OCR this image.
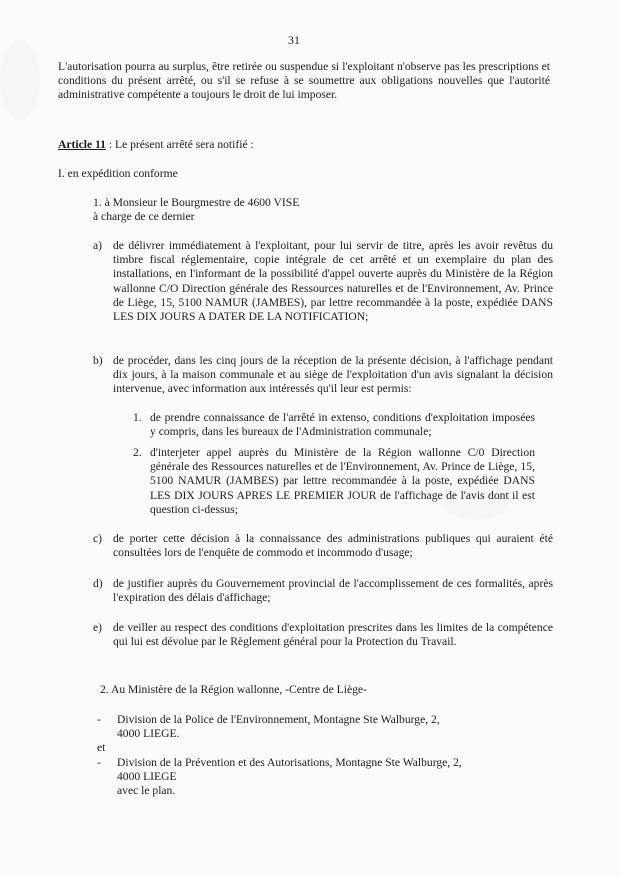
31
L'autorisation pourra au surplus, être retirée ou suspendue si l'exploitant n'observe pas les prescriptions et conditions du présent arrêté, ou s'il se refuse à se soumettre aux obligations nouvelles que l'autorité administrative compétente a toujours le droit de lui imposer.
Article 11 : Le présent arrêté sera notifié :
I. en expédition conforme
1. à Monsieur le Bourgmestre de 4600 VISE
à charge de ce dernier
a) de délivrer immédiatement à l'exploitant, pour lui servir de titre, après les avoir revêtus du timbre fiscal réglementaire, copie intégrale de cet arrêté et un exemplaire du plan des installations, en l'informant de la possibilité d'appel ouverte auprès du Ministère de la Région wallonne C/O Direction générale des Ressources naturelles et de l'Environnement, Av. Prince de Liège, 15, 5100 NAMUR (JAMBES), par lettre recommandée à la poste, expédiée DANS LES DIX JOURS A DATER DE LA NOTIFICATION;
b) de procéder, dans les cinq jours de la réception de la présente décision, à l'affichage pendant dix jours, à la maison communale et au siège de l'exploitation d'un avis signalant la décision intervenue, avec information aux intéressés qu'il leur est permis:
1. de prendre connaissance de l'arrêté in extenso, conditions d'exploitation imposées y compris, dans les bureaux de l'Administration communale;
2. d'interjeter appel auprès du Ministère de la Région wallonne C/0 Direction générale des Ressources naturelles et de l'Environnement, Av. Prince de Liège, 15, 5100 NAMUR (JAMBES) par lettre recommandée à la poste, expédiée DANS LES DIX JOURS APRES LE PREMIER JOUR de l'affichage de l'avis dont il est question ci-dessus;
c) de porter cette décision à la connaissance des administrations publiques qui auraient été consultées lors de l'enquête de commodo et incommodo d'usage;
d) de justifier auprès du Gouvernement provincial de l'accomplissement de ces formalités, après l'expiration des délais d'affichage;
e) de veiller au respect des conditions d'exploitation prescrites dans les limites de la compétence qui lui est dévolue par le Règlement général pour la Protection du Travail.
2. Au Ministère de la Région wallonne, -Centre de Liège-
- Division de la Police de l'Environnement, Montagne Ste Walburge, 2,
4000 LIEGE.
et
- Division de la Prévention et des Autorisations, Montagne Ste Walburge, 2,
4000 LIEGE
avec le plan.
